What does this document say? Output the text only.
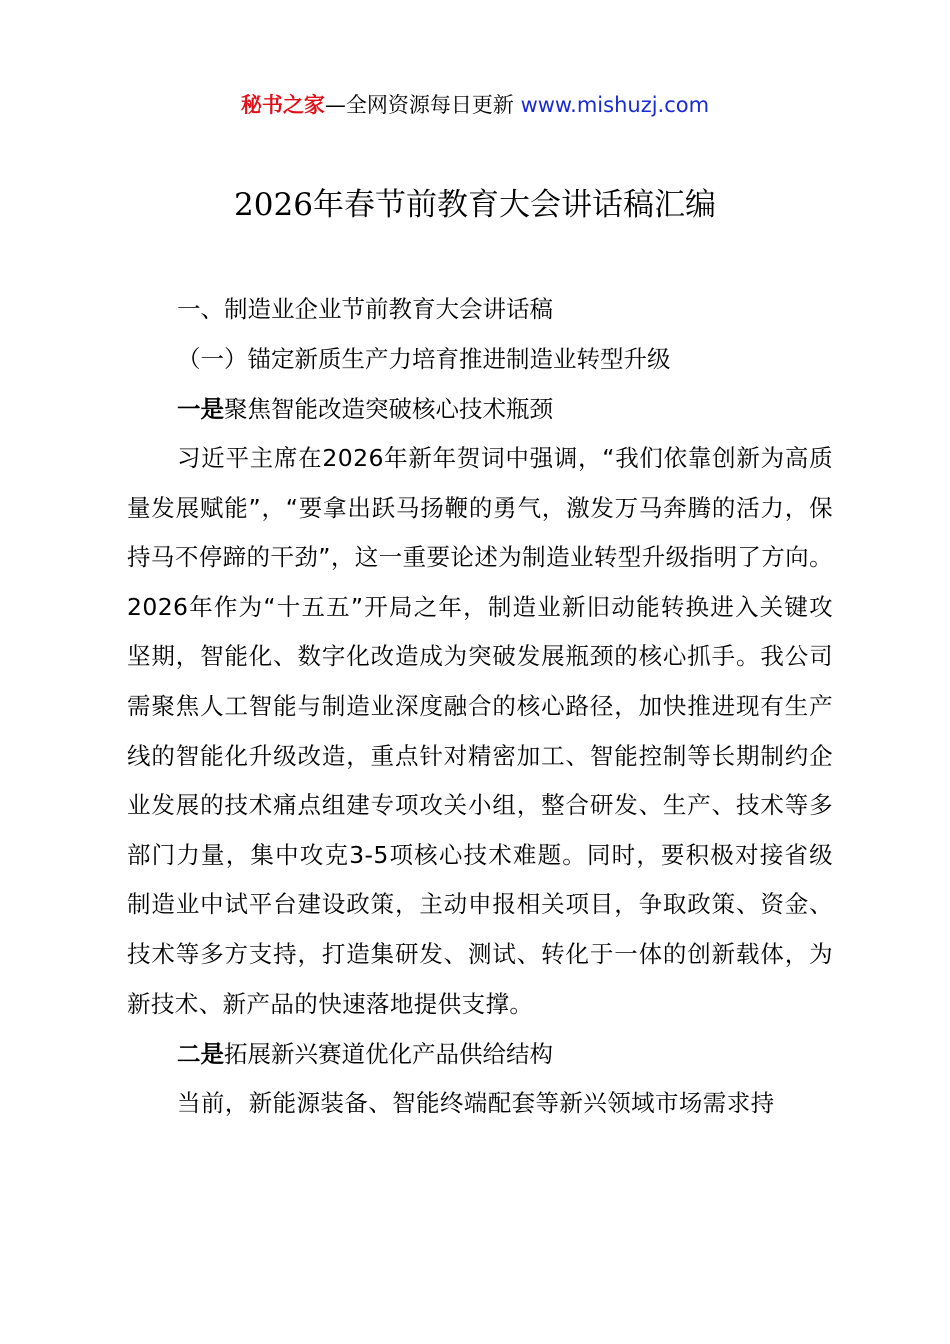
秘书之家—全网资源每日更新 www.mishuzj.com
2026年春节前教育大会讲话稿汇编

一、制造业企业节前教育大会讲话稿

（一）锚定新质生产力培育推进制造业转型升级

一是聚焦智能改造突破核心技术瓶颈

习近平主席在2026年新年贺词中强调，“我们依靠创新为高质量发展赋能”，“要拿出跃马扬鞭的勇气，激发万马奔腾的活力，保持马不停蹄的干劲”，这一重要论述为制造业转型升级指明了方向。2026年作为“十五五”开局之年，制造业新旧动能转换进入关键攻坚期，智能化、数字化改造成为突破发展瓶颈的核心抓手。我公司需聚焦人工智能与制造业深度融合的核心路径，加快推进现有生产线的智能化升级改造，重点针对精密加工、智能控制等长期制约企业发展的技术痛点组建专项攻关小组，整合研发、生产、技术等多部门力量，集中攻克3-5项核心技术难题。同时，要积极对接省级制造业中试平台建设政策，主动申报相关项目，争取政策、资金、技术等多方支持，打造集研发、测试、转化于一体的创新载体，为新技术、新产品的快速落地提供支撑。

二是拓展新兴赛道优化产品供给结构

当前，新能源装备、智能终端配套等新兴领域市场需求持
